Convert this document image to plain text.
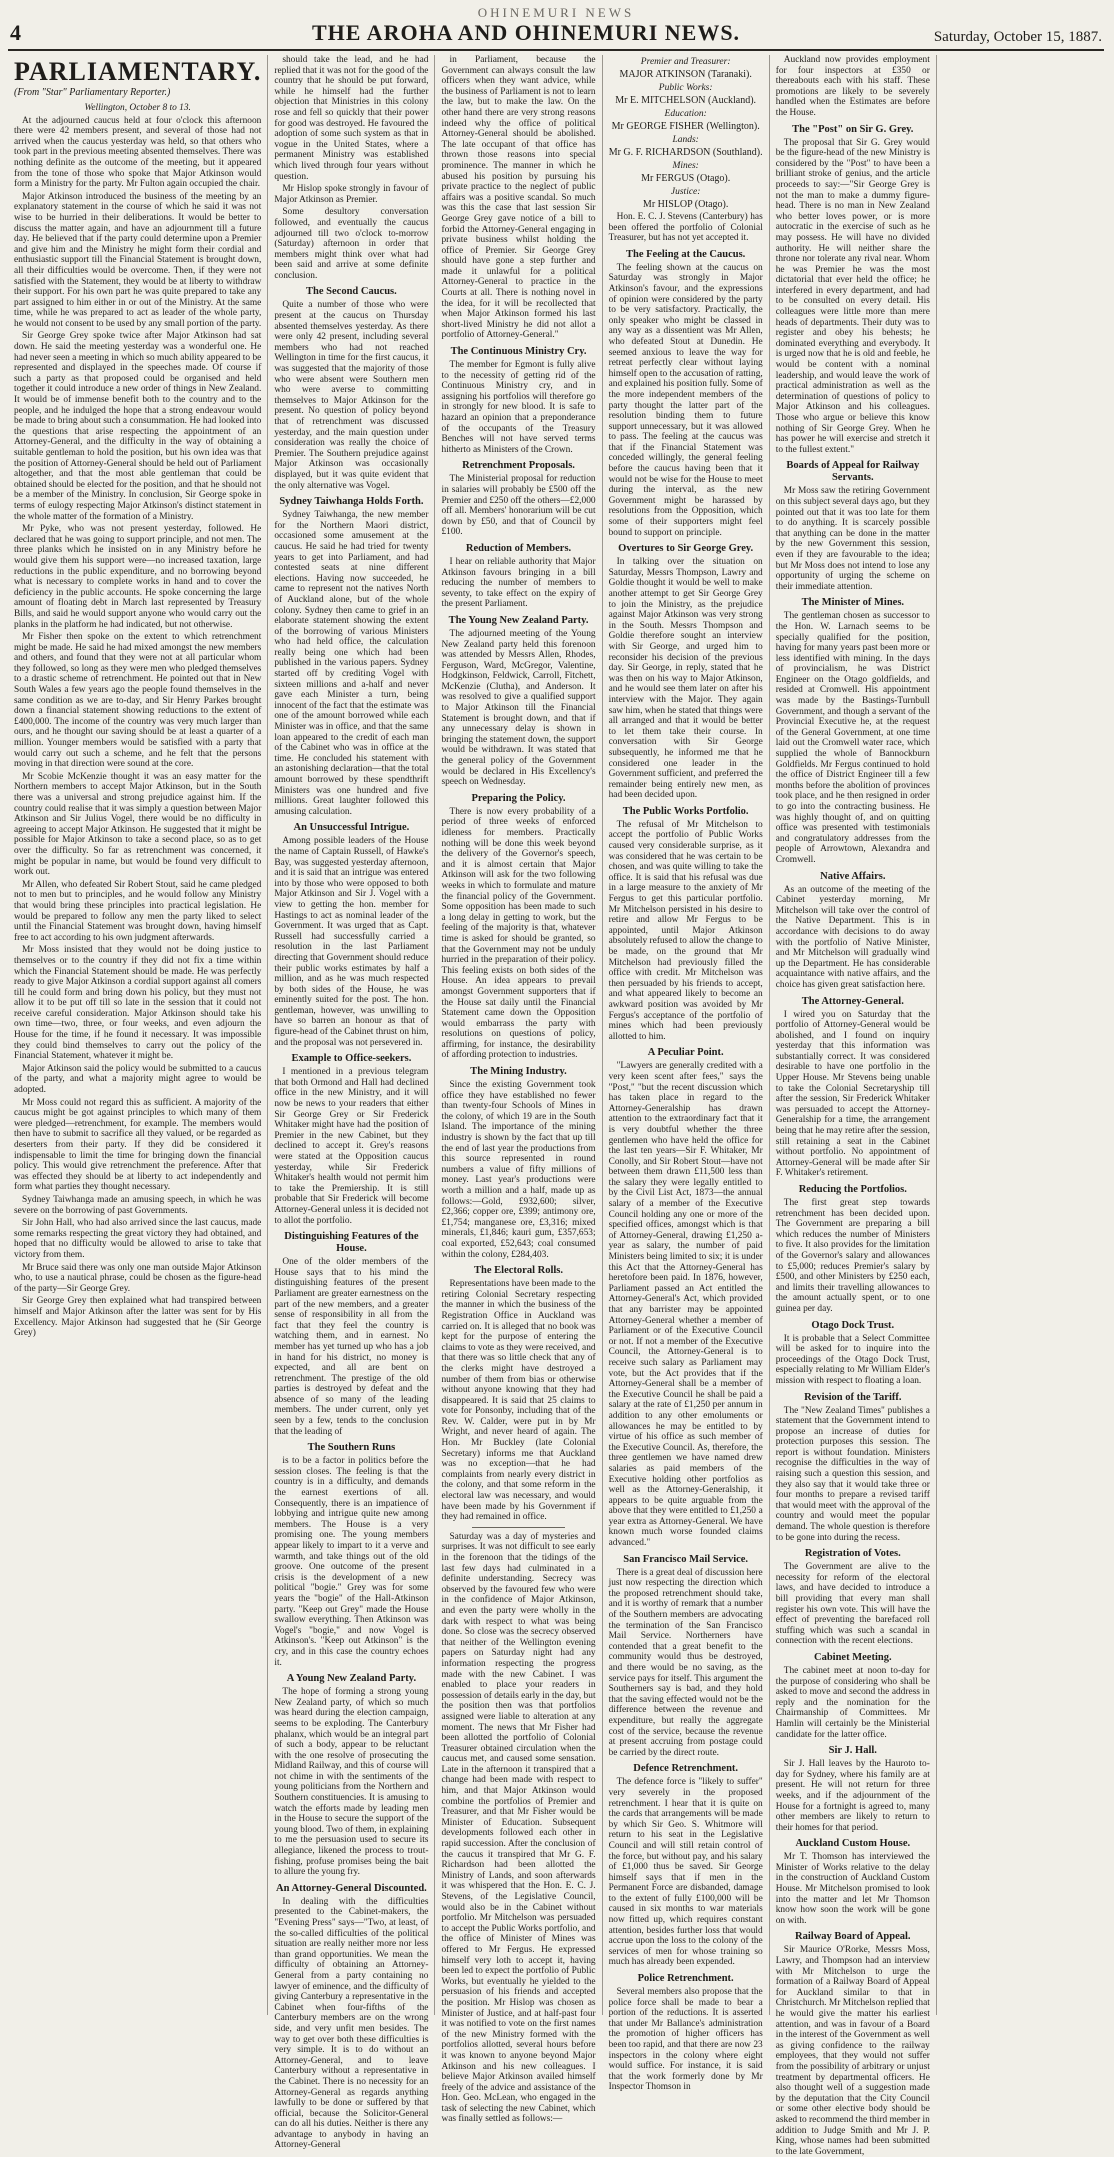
OHINEMURI NEWS
4	THE AROHA AND OHINEMURI NEWS.	Saturday, October 15, 1887.
PARLIAMENTARY.
(From "Star" Parliamentary Reporter.)

Wellington, October 8 to 13.

At the adjourned caucus held at four o'clock this afternoon there were 42 members present, and several of those had not arrived when the caucus yesterday was held, so that others who took part in the previous meeting absented themselves. There was nothing definite as the outcome of the meeting, but it appeared from the tone of those who spoke that Major Atkinson would form a Ministry for the party. Mr Fulton again occupied the chair.

Major Atkinson introduced the business of the meeting by an explanatory statement in the course of which he said it was not wise to be hurried in their deliberations. It would be better to discuss the matter again, and have an adjournment till a future day. He believed that if the party could determine upon a Premier and give him and the Ministry he might form their cordial and enthusiastic support till the Financial Statement is brought down, all their difficulties would be overcome. Then, if they were not satisfied with the Statement, they would be at liberty to withdraw their support. For his own part he was quite prepared to take any part assigned to him either in or out of the Ministry. At the same time, while he was prepared to act as leader of the whole party, he would not consent to be used by any small portion of the party.

Sir George Grey spoke twice after Major Atkinson had sat down. He said the meeting yesterday was a wonderful one. He had never seen a meeting in which so much ability appeared to be represented and displayed in the speeches made. Of course if such a party as that proposed could be organised and held together it could introduce a new order of things in New Zealand. It would be of immense benefit both to the country and to the people, and he indulged the hope that a strong endeavour would be made to bring about such a consummation. He had looked into the questions that arise respecting the appointment of an Attorney-General, and the difficulty in the way of obtaining a suitable gentleman to hold the position, but his own idea was that the position of Attorney-General should be held out of Parliament altogether, and that the most able gentleman that could be obtained should be elected for the position, and that he should not be a member of the Ministry. In conclusion, Sir George spoke in terms of eulogy respecting Major Atkinson's distinct statement in the whole matter of the formation of a Ministry.

Mr Pyke, who was not present yesterday, followed. He declared that he was going to support principle, and not men. The three planks which he insisted on in any Ministry before he would give them his support were—no increased taxation, large reductions in the public expenditure, and no borrowing beyond what is necessary to complete works in hand and to cover the deficiency in the public accounts. He spoke concerning the large amount of floating debt in March last represented by Treasury Bills, and said he would support anyone who would carry out the planks in the platform he had indicated, but not otherwise.

Mr Fisher then spoke on the extent to which retrenchment might be made. He said he had mixed amongst the new members and others, and found that they were not at all particular whom they followed, so long as they were men who pledged themselves to a drastic scheme of retrenchment. He pointed out that in New South Wales a few years ago the people found themselves in the same condition as we are to-day, and Sir Henry Parkes brought down a financial statement showing reductions to the extent of £400,000. The income of the country was very much larger than ours, and he thought our saving should be at least a quarter of a million. Younger members would be satisfied with a party that would carry out such a scheme, and he felt that the persons moving in that direction were sound at the core.

Mr Scobie McKenzie thought it was an easy matter for the Northern members to accept Major Atkinson, but in the South there was a universal and strong prejudice against him. If the country could realise that it was simply a question between Major Atkinson and Sir Julius Vogel, there would be no difficulty in agreeing to accept Major Atkinson. He suggested that it might be possible for Major Atkinson to take a second place, so as to get over the difficulty. So far as retrenchment was concerned, it might be popular in name, but would be found very difficult to work out.

Mr Allen, who defeated Sir Robert Stout, said he came pledged not to men but to principles, and he would follow any Ministry that would bring these principles into practical legislation. He would be prepared to follow any men the party liked to select until the Financial Statement was brought down, having himself free to act according to his own judgment afterwards.

Mr Moss insisted that they would not be doing justice to themselves or to the country if they did not fix a time within which the Financial Statement should be made. He was perfectly ready to give Major Atkinson a cordial support against all comers till he could form and bring down his policy, but they must not allow it to be put off till so late in the session that it could not receive careful consideration. Major Atkinson should take his own time—two, three, or four weeks, and even adjourn the House for the time, if he found it necessary. It was impossible they could bind themselves to carry out the policy of the Financial Statement, whatever it might be.

Major Atkinson said the policy would be submitted to a caucus of the party, and what a majority might agree to would be adopted.

Mr Moss could not regard this as sufficient. A majority of the caucus might be got against principles to which many of them were pledged—retrenchment, for example. The members would then have to submit to sacrifice all they valued, or be regarded as deserters from their party. If they did be considered it indispensable to limit the time for bringing down the financial policy. This would give retrenchment the preference. After that was effected they should be at liberty to act independently and form what parties they thought necessary.

Sydney Taiwhanga made an amusing speech, in which he was severe on the borrowing of past Governments.

Sir John Hall, who had also arrived since the last caucus, made some remarks respecting the great victory they had obtained, and hoped that no difficulty would be allowed to arise to take that victory from them.

Mr Bruce said there was only one man outside Major Atkinson who, to use a nautical phrase, could be chosen as the figure-head of the party—Sir George Grey.

Sir George Grey then explained what had transpired between himself and Major Atkinson after the latter was sent for by His Excellency. Major Atkinson had suggested that he (Sir George Grey)

should take the lead, and he had replied that it was not for the good of the country that he should be put forward, while he himself had the further objection that Ministries in this colony rose and fell so quickly that their power for good was destroyed. He favoured the adoption of some such system as that in vogue in the United States, where a permanent Ministry was established which lived through four years without question.

Mr Hislop spoke strongly in favour of Major Atkinson as Premier.

Some desultory conversation followed, and eventually the caucus adjourned till two o'clock to-morrow (Saturday) afternoon in order that members might think over what had been said and arrive at some definite conclusion.

The Second Caucus.

Quite a number of those who were present at the caucus on Thursday absented themselves yesterday. As there were only 42 present, including several members who had not reached Wellington in time for the first caucus, it was suggested that the majority of those who were absent were Southern men who were averse to committing themselves to Major Atkinson for the present. No question of policy beyond that of retrenchment was discussed yesterday, and the main question under consideration was really the choice of Premier. The Southern prejudice against Major Atkinson was occasionally displayed, but it was quite evident that the only alternative was Vogel.

Sydney Taiwhanga Holds Forth.

Sydney Taiwhanga, the new member for the Northern Maori district, occasioned some amusement at the caucus. He said he had tried for twenty years to get into Parliament, and had contested seats at nine different elections. Having now succeeded, he came to represent not the natives North of Auckland alone, but of the whole colony. Sydney then came to grief in an elaborate statement showing the extent of the borrowing of various Ministers who had held office, the calculation really being one which had been published in the various papers. Sydney started off by crediting Vogel with sixteen millions and a-half and never gave each Minister a turn, being innocent of the fact that the estimate was one of the amount borrowed while each Minister was in office, and that the same loan appeared to the credit of each man of the Cabinet who was in office at the time. He concluded his statement with an astonishing declaration—that the total amount borrowed by these spendthrift Ministers was one hundred and five millions. Great laughter followed this amusing calculation.

An Unsuccessful Intrigue.

Among possible leaders of the House the name of Captain Russell, of Hawke's Bay, was suggested yesterday afternoon, and it is said that an intrigue was entered into by those who were opposed to both Major Atkinson and Sir J. Vogel with a view to getting the hon. member for Hastings to act as nominal leader of the Government. It was urged that as Capt. Russell had successfully carried a resolution in the last Parliament directing that Government should reduce their public works estimates by half a million, and as he was much respected by both sides of the House, he was eminently suited for the post. The hon. gentleman, however, was unwilling to have so barren an honour as that of figure-head of the Cabinet thrust on him, and the proposal was not persevered in.

Example to Office-seekers.

I mentioned in a previous telegram that both Ormond and Hall had declined office in the new Ministry, and it will now be news to your readers that either Sir George Grey or Sir Frederick Whitaker might have had the position of Premier in the new Cabinet, but they declined to accept it. Grey's reasons were stated at the Opposition caucus yesterday, while Sir Frederick Whitaker's health would not permit him to take the Premiership. It is still probable that Sir Frederick will become Attorney-General unless it is decided not to allot the portfolio.

Distinguishing Features of the House.

One of the older members of the House says that to his mind the distinguishing features of the present Parliament are greater earnestness on the part of the new members, and a greater sense of responsibility in all from the fact that they feel the country is watching them, and in earnest. No member has yet turned up who has a job in hand for his district, no money is expected, and all are bent on retrenchment. The prestige of the old parties is destroyed by defeat and the absence of so many of the leading members. The under current, only yet seen by a few, tends to the conclusion that the leading of

The Southern Runs

is to be a factor in politics before the session closes. The feeling is that the country is in a difficulty, and demands the earnest exertions of all. Consequently, there is an impatience of lobbying and intrigue quite new among members. The House is a very promising one. The young members appear likely to impart to it a verve and warmth, and take things out of the old groove. One outcome of the present crisis is the development of a new political "bogie." Grey was for some years the "bogie" of the Hall-Atkinson party. "Keep out Grey" made the House swallow everything. Then Atkinson was Vogel's "bogie," and now Vogel is Atkinson's. "Keep out Atkinson" is the cry, and in this case the country echoes it.

A Young New Zealand Party.

The hope of forming a strong young New Zealand party, of which so much was heard during the election campaign, seems to be exploding. The Canterbury phalanx, which would be an integral part of such a body, appear to be reluctant with the one resolve of prosecuting the Midland Railway, and this of course will not chime in with the sentiments of the young politicians from the Northern and Southern constituencies. It is amusing to watch the efforts made by leading men in the House to secure the support of the young blood. Two of them, in explaining to me the persuasion used to secure its allegiance, likened the process to trout-fishing, profuse promises being the bait to allure the young fry.

An Attorney-General Discounted.

In dealing with the difficulties presented to the Cabinet-makers, the "Evening Press" says—"Two, at least, of the so-called difficulties of the political situation are really neither more nor less than grand opportunities. We mean the difficulty of obtaining an Attorney-General from a party containing no lawyer of eminence, and the difficulty of giving Canterbury a representative in the Cabinet when four-fifths of the Canterbury members are on the wrong side, and very unfit men besides. The way to get over both these difficulties is very simple. It is to do without an Attorney-General, and to leave Canterbury without a representative in the Cabinet. There is no necessity for an Attorney-General as regards anything lawfully to be done or suffered by that official, because the Solicitor-General can do all his duties. Neither is there any advantage to anybody in having an Attorney-General

in Parliament, because the Government can always consult the law officers when they want advice, while the business of Parliament is not to learn the law, but to make the law. On the other hand there are very strong reasons indeed why the office of political Attorney-General should be abolished. The late occupant of that office has thrown those reasons into special prominence. The manner in which he abused his position by pursuing his private practice to the neglect of public affairs was a positive scandal. So much was this the case that last session Sir George Grey gave notice of a bill to forbid the Attorney-General engaging in private business whilst holding the office of Premier. Sir George Grey should have gone a step further and made it unlawful for a political Attorney-General to practice in the Courts at all. There is nothing novel in the idea, for it will be recollected that when Major Atkinson formed his last short-lived Ministry he did not allot a portfolio of Attorney-General."

The Continuous Ministry Cry.

The member for Egmont is fully alive to the necessity of getting rid of the Continuous Ministry cry, and in assigning his portfolios will therefore go in strongly for new blood. It is safe to hazard an opinion that a preponderance of the occupants of the Treasury Benches will not have served terms hitherto as Ministers of the Crown.

Retrenchment Proposals.

The Ministerial proposal for reduction in salaries will probably be £500 off the Premier and £250 off the others—£2,000 off all. Members' honorarium will be cut down by £50, and that of Council by £100.

Reduction of Members.

I hear on reliable authority that Major Atkinson favours bringing in a bill reducing the number of members to seventy, to take effect on the expiry of the present Parliament.

The Young New Zealand Party.

The adjourned meeting of the Young New Zealand party held this forenoon was attended by Messrs Allen, Rhodes, Ferguson, Ward, McGregor, Valentine, Hodgkinson, Feldwick, Carroll, Fitchett, McKenzie (Clutha), and Anderson. It was resolved to give a qualified support to Major Atkinson till the Financial Statement is brought down, and that if any unnecessary delay is shown in bringing the statement down, the support would be withdrawn. It was stated that the general policy of the Government would be declared in His Excellency's speech on Wednesday.

Preparing the Policy.

There is now every probability of a period of three weeks of enforced idleness for members. Practically nothing will be done this week beyond the delivery of the Governor's speech, and it is almost certain that Major Atkinson will ask for the two following weeks in which to formulate and mature the financial policy of the Government. Some opposition has been made to such a long delay in getting to work, but the feeling of the majority is that, whatever time is asked for should be granted, so that the Government may not be unduly hurried in the preparation of their policy. This feeling exists on both sides of the House. An idea appears to prevail amongst Government supporters that if the House sat daily until the Financial Statement came down the Opposition would embarrass the party with resolutions on questions of policy, affirming, for instance, the desirability of affording protection to industries.

The Mining Industry.

Since the existing Government took office they have established no fewer than twenty-four Schools of Mines in the colony, of which 19 are in the South Island. The importance of the mining industry is shown by the fact that up till the end of last year the productions from this source represented in round numbers a value of fifty millions of money. Last year's productions were worth a million and a half, made up as follows:—Gold, £932,600; silver, £2,366; copper ore, £399; antimony ore, £1,754; manganese ore, £3,316; mixed minerals, £1,846; kauri gum, £357,653; coal exported, £52,643; coal consumed within the colony, £284,403.

The Electoral Rolls.

Representations have been made to the retiring Colonial Secretary respecting the manner in which the business of the Registration Office in Auckland was carried on. It is alleged that no book was kept for the purpose of entering the claims to vote as they were received, and that there was so little check that any of the clerks might have destroyed a number of them from bias or otherwise without anyone knowing that they had disappeared. It is said that 25 claims to vote for Ponsonby, including that of the Rev. W. Calder, were put in by Mr Wright, and never heard of again. The Hon. Mr Buckley (late Colonial Secretary) informs me that Auckland was no exception—that he had complaints from nearly every district in the colony, and that some reform in the electoral law was necessary, and would have been made by his Government if they had remained in office.

Saturday was a day of mysteries and surprises. It was not difficult to see early in the forenoon that the tidings of the last few days had culminated in a definite understanding. Secrecy was observed by the favoured few who were in the confidence of Major Atkinson, and even the party were wholly in the dark with respect to what was being done. So close was the secrecy observed that neither of the Wellington evening papers on Saturday night had any information respecting the progress made with the new Cabinet. I was enabled to place your readers in possession of details early in the day, but the position then was that portfolios assigned were liable to alteration at any moment. The news that Mr Fisher had been allotted the portfolio of Colonial Treasurer obtained circulation when the caucus met, and caused some sensation. Late in the afternoon it transpired that a change had been made with respect to him, and that Major Atkinson would combine the portfolios of Premier and Treasurer, and that Mr Fisher would be Minister of Education. Subsequent developments followed each other in rapid succession. After the conclusion of the caucus it transpired that Mr G. F. Richardson had been allotted the Ministry of Lands, and soon afterwards it was whispered that the Hon. E. C. J. Stevens, of the Legislative Council, would also be in the Cabinet without portfolio. Mr Mitchelson was persuaded to accept the Public Works portfolio, and the office of Minister of Mines was offered to Mr Fergus. He expressed himself very loth to accept it, having been led to expect the portfolio of Public Works, but eventually he yielded to the persuasion of his friends and accepted the position. Mr Hislop was chosen as Minister of Justice, and at half-past four it was notified to vote on the first names of the new Ministry formed with the portfolios allotted, several hours before it was known to anyone beyond Major Atkinson and his new colleagues. I believe Major Atkinson availed himself freely of the advice and assistance of the Hon. Geo. McLean, who engaged in the task of selecting the new Cabinet, which was finally settled as follows:—

Premier and Treasurer:
MAJOR ATKINSON (Taranaki).
Public Works:
Mr E. MITCHELSON (Auckland).
Education:
Mr GEORGE FISHER (Wellington).
Lands:
Mr G. F. RICHARDSON (Southland).
Mines:
Mr FERGUS (Otago).
Justice:
Mr HISLOP (Otago).

Hon. E. C. J. Stevens (Canterbury) has been offered the portfolio of Colonial Treasurer, but has not yet accepted it.

The Feeling at the Caucus.

The feeling shown at the caucus on Saturday was strongly in Major Atkinson's favour, and the expressions of opinion were considered by the party to be very satisfactory. Practically, the only speaker who might be classed in any way as a dissentient was Mr Allen, who defeated Stout at Dunedin. He seemed anxious to leave the way for retreat perfectly clear without laying himself open to the accusation of ratting, and explained his position fully. Some of the more independent members of the party thought the latter part of the resolution binding them to future support unnecessary, but it was allowed to pass. The feeling at the caucus was that if the Financial Statement was conceded willingly, the general feeling before the caucus having been that it would not be wise for the House to meet during the interval, as the new Government might be harassed by resolutions from the Opposition, which some of their supporters might feel bound to support on principle.

Overtures to Sir George Grey.

In talking over the situation on Saturday, Messrs Thompson, Lawry and Goldie thought it would be well to make another attempt to get Sir George Grey to join the Ministry, as the prejudice against Major Atkinson was very strong in the South. Messrs Thompson and Goldie therefore sought an interview with Sir George, and urged him to reconsider his decision of the previous day. Sir George, in reply, stated that he was then on his way to Major Atkinson, and he would see them later on after his interview with the Major. They again saw him, when he stated that things were all arranged and that it would be better to let them take their course. In conversation with Sir George subsequently, he informed me that he considered one leader in the Government sufficient, and preferred the remainder being entirely new men, as had been decided upon.

The Public Works Portfolio.

The refusal of Mr Mitchelson to accept the portfolio of Public Works caused very considerable surprise, as it was considered that he was certain to be chosen, and was quite willing to take the office. It is said that his refusal was due in a large measure to the anxiety of Mr Fergus to get this particular portfolio. Mr Mitchelson persisted in his desire to retire and allow Mr Fergus to be appointed, until Major Atkinson absolutely refused to allow the change to be made, on the ground that Mr Mitchelson had previously filled the office with credit. Mr Mitchelson was then persuaded by his friends to accept, and what appeared likely to become an awkward position was avoided by Mr Fergus's acceptance of the portfolio of mines which had been previously allotted to him.

A Peculiar Point.

"Lawyers are generally credited with a very keen scent after fees," says the "Post," "but the recent discussion which has taken place in regard to the Attorney-Generalship has drawn attention to the extraordinary fact that it is very doubtful whether the three gentlemen who have held the office for the last ten years—Sir F. Whitaker, Mr Conolly, and Sir Robert Stout—have not between them drawn £11,500 less than the salary they were legally entitled to by the Civil List Act, 1873—the annual salary of a member of the Executive Council holding any one or more of the specified offices, amongst which is that of Attorney-General, drawing £1,250 a-year as salary, the number of paid Ministers being limited to six; it is under this Act that the Attorney-General has heretofore been paid. In 1876, however, Parliament passed an Act entitled the Attorney-General's Act, which provided that any barrister may be appointed Attorney-General whether a member of Parliament or of the Executive Council or not. If not a member of the Executive Council, the Attorney-General is to receive such salary as Parliament may vote, but the Act provides that if the Attorney-General shall be a member of the Executive Council he shall be paid a salary at the rate of £1,250 per annum in addition to any other emoluments or allowances he may be entitled to by virtue of his office as such member of the Executive Council. As, therefore, the three gentlemen we have named drew salaries as paid members of the Executive holding other portfolios as well as the Attorney-Generalship, it appears to be quite arguable from the above that they were entitled to £1,250 a year extra as Attorney-General. We have known much worse founded claims advanced."

San Francisco Mail Service.

There is a great deal of discussion here just now respecting the direction which the proposed retrenchment should take, and it is worthy of remark that a number of the Southern members are advocating the termination of the San Francisco Mail Service. Northerners have contended that a great benefit to the community would thus be destroyed, and there would be no saving, as the service pays for itself. This argument the Southerners say is bad, and they hold that the saving effected would not be the difference between the revenue and expenditure, but really the aggregate cost of the service, because the revenue at present accruing from postage could be carried by the direct route.

Defence Retrenchment.

The defence force is "likely to suffer" very severely in the proposed retrenchment. I hear that it is quite on the cards that arrangements will be made by which Sir Geo. S. Whitmore will return to his seat in the Legislative Council and will still retain control of the force, but without pay, and his salary of £1,000 thus be saved. Sir George himself says that if men in the Permanent Force are disbanded, damage to the extent of fully £100,000 will be caused in six months to war materials now fitted up, which requires constant attention, besides further loss that would accrue upon the loss to the colony of the services of men for whose training so much has already been expended.

Police Retrenchment.

Several members also propose that the police force shall be made to bear a portion of the reductions. It is asserted that under Mr Ballance's administration the promotion of higher officers has been too rapid, and that there are now 23 inspectors in the colony where eight would suffice. For instance, it is said that the work formerly done by Mr Inspector Thomson in

Auckland now provides employment for four inspectors at £350 or thereabouts each with his staff. These promotions are likely to be severely handled when the Estimates are before the House.

The "Post" on Sir G. Grey.

The proposal that Sir G. Grey would be the figure-head of the new Ministry is considered by the "Post" to have been a brilliant stroke of genius, and the article proceeds to say:—"Sir George Grey is not the man to make a dummy figure-head. There is no man in New Zealand who better loves power, or is more autocratic in the exercise of such as he may possess. He will have no divided authority. He will neither share the throne nor tolerate any rival near. Whom he was Premier he was the most dictatorial that ever held the office; he interfered in every department, and had to be consulted on every detail. His colleagues were little more than mere heads of departments. Their duty was to register and obey his behests; he dominated everything and everybody. It is urged now that he is old and feeble, he would be content with a nominal leadership, and would leave the work of practical administration as well as the determination of questions of policy to Major Atkinson and his colleagues. Those who argue or believe this know nothing of Sir George Grey. When he has power he will exercise and stretch it to the fullest extent."

Boards of Appeal for Railway Servants.

Mr Moss saw the retiring Government on this subject several days ago, but they pointed out that it was too late for them to do anything. It is scarcely possible that anything can be done in the matter by the new Government this session, even if they are favourable to the idea; but Mr Moss does not intend to lose any opportunity of urging the scheme on their immediate attention.

The Minister of Mines.

The gentleman chosen as successor to the Hon. W. Larnach seems to be specially qualified for the position, having for many years past been more or less identified with mining. In the days of provincialism, he was District Engineer on the Otago goldfields, and resided at Cromwell. His appointment was made by the Bastings-Turnbull Government, and though a servant of the Provincial Executive he, at the request of the General Government, at one time laid out the Cromwell water race, which supplied the whole of Bannockburn Goldfields. Mr Fergus continued to hold the office of District Engineer till a few months before the abolition of provinces took place, and he then resigned in order to go into the contracting business. He was highly thought of, and on quitting office was presented with testimonials and congratulatory addresses from the people of Arrowtown, Alexandra and Cromwell.

Native Affairs.

As an outcome of the meeting of the Cabinet yesterday morning, Mr Mitchelson will take over the control of the Native Department. This is in accordance with decisions to do away with the portfolio of Native Minister, and Mr Mitchelson will gradually wind up the Department. He has considerable acquaintance with native affairs, and the choice has given great satisfaction here.

The Attorney-General.

I wired you on Saturday that the portfolio of Attorney-General would be abolished, and I found on inquiry yesterday that this information was substantially correct. It was considered desirable to have one portfolio in the Upper House. Mr Stevens being unable to take the Colonial Secretaryship till after the session, Sir Frederick Whitaker was persuaded to accept the Attorney-Generalship for a time, the arrangement being that he may retire after the session, still retaining a seat in the Cabinet without portfolio. No appointment of Attorney-General will be made after Sir F. Whitaker's retirement.

Reducing the Portfolios.

The first great step towards retrenchment has been decided upon. The Government are preparing a bill which reduces the number of Ministers to five. It also provides for the limitation of the Governor's salary and allowances to £5,000; reduces Premier's salary by £500, and other Ministers by £250 each, and limits their travelling allowances to the amount actually spent, or to one guinea per day.

Otago Dock Trust.

It is probable that a Select Committee will be asked for to inquire into the proceedings of the Otago Dock Trust, especially relating to Mr William Elder's mission with respect to floating a loan.

Revision of the Tariff.

The "New Zealand Times" publishes a statement that the Government intend to propose an increase of duties for protection purposes this session. The report is without foundation. Ministers recognise the difficulties in the way of raising such a question this session, and they also say that it would take three or four months to prepare a revised tariff that would meet with the approval of the country and would meet the popular demand. The whole question is therefore to be gone into during the recess.

Registration of Votes.

The Government are alive to the necessity for reform of the electoral laws, and have decided to introduce a bill providing that every man shall register his own vote. This will have the effect of preventing the barefaced roll stuffing which was such a scandal in connection with the recent elections.

Cabinet Meeting.

The cabinet meet at noon to-day for the purpose of considering who shall be asked to move and second the address in reply and the nomination for the Chairmanship of Committees. Mr Hamlin will certainly be the Ministerial candidate for the latter office.

Sir J. Hall.

Sir J. Hall leaves by the Hauroto to-day for Sydney, where his family are at present. He will not return for three weeks, and if the adjournment of the House for a fortnight is agreed to, many other members are likely to return to their homes for that period.

Auckland Custom House.

Mr T. Thomson has interviewed the Minister of Works relative to the delay in the construction of Auckland Custom House. Mr Mitchelson promised to look into the matter and let Mr Thomson know how soon the work will be gone on with.

Railway Board of Appeal.

Sir Maurice O'Rorke, Messrs Moss, Lawry, and Thompson had an interview with Mr Mitchelson to urge the formation of a Railway Board of Appeal for Auckland similar to that in Christchurch. Mr Mitchelson replied that he would give the matter his earliest attention, and was in favour of a Board in the interest of the Government as well as giving confidence to the railway employees, that they would not suffer from the possibility of arbitrary or unjust treatment by departmental officers. He also thought well of a suggestion made by the deputation that the City Council or some other elective body should be asked to recommend the third member in addition to Judge Smith and Mr J. P. King, whose names had been submitted to the late Government,
